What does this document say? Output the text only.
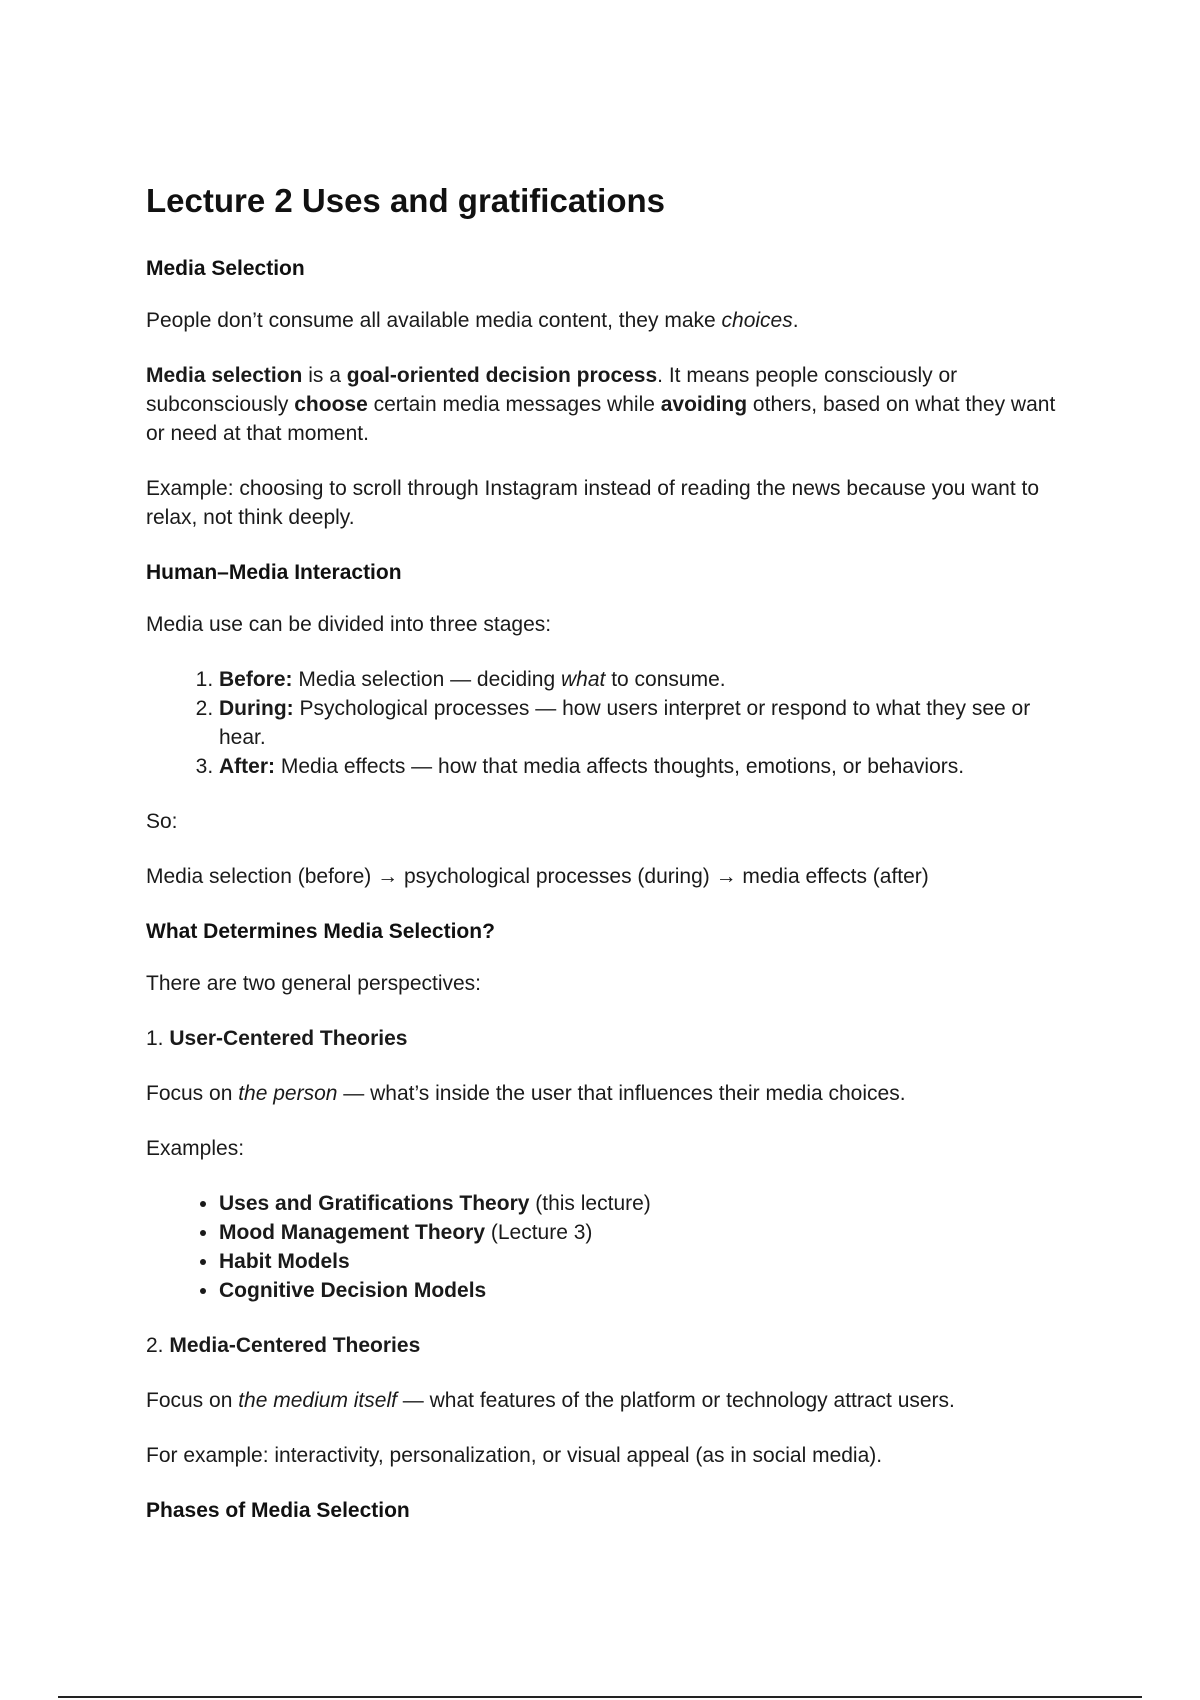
Lecture 2 Uses and gratifications
Media Selection

People don’t consume all available media content, they make choices.

Media selection is a goal-oriented decision process. It means people consciously or subconsciously choose certain media messages while avoiding others, based on what they want or need at that moment.

Example: choosing to scroll through Instagram instead of reading the news because you want to relax, not think deeply.

Human–Media Interaction

Media use can be divided into three stages:

1. Before: Media selection — deciding what to consume.
2. During: Psychological processes — how users interpret or respond to what they see or hear.
3. After: Media effects — how that media affects thoughts, emotions, or behaviors.

So:

Media selection (before) → psychological processes (during) → media effects (after)

What Determines Media Selection?

There are two general perspectives:

1. User-Centered Theories

Focus on the person — what’s inside the user that influences their media choices.

Examples:

• Uses and Gratifications Theory (this lecture)
• Mood Management Theory (Lecture 3)
• Habit Models
• Cognitive Decision Models

2. Media-Centered Theories

Focus on the medium itself — what features of the platform or technology attract users.

For example: interactivity, personalization, or visual appeal (as in social media).

Phases of Media Selection
